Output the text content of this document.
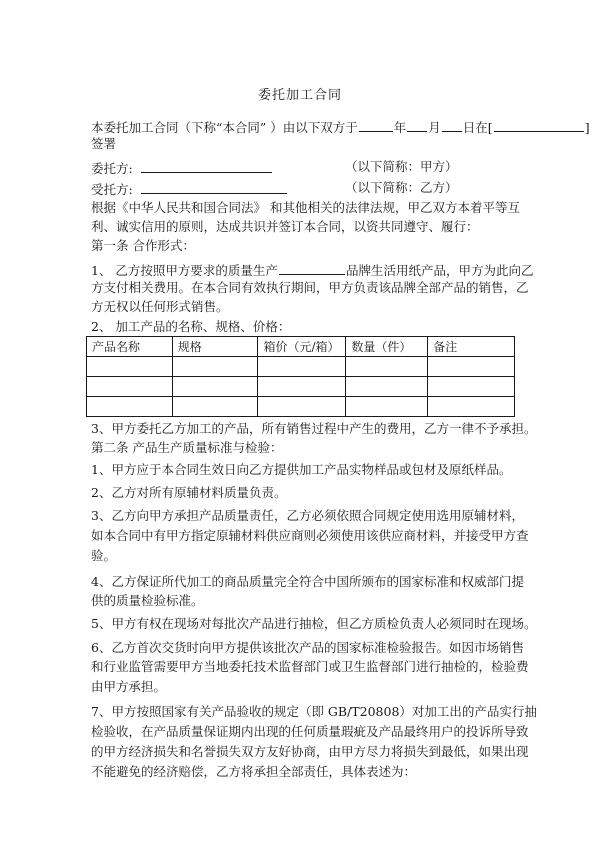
委托加工合同
本委托加工合同（下称“本合同” ）由以下双方于	年 月 日在[	]
签署
委托方:	（以下简称：甲方）
受托方:	（以下简称：乙方）
根据《中华人民共和国合同法》 和其他相关的法律法规，甲乙双方本着平等互
利、诚实信用的原则，达成共识并签订本合同，以资共同遵守、履行：
第一条 合作形式：
1、 乙方按照甲方要求的质量生产	品牌生活用纸产品，甲方为此向乙
方支付相关费用。在本合同有效执行期间，甲方负责该品牌全部产品的销售，乙
方无权以任何形式销售。
2、 加工产品的名称、规格、价格：
产品名称	规格	箱价（元/箱）	数量（件）	备注

3、甲方委托乙方加工的产品，所有销售过程中产生的费用，乙方一律不予承担。
第二条 产品生产质量标准与检验：
1、甲方应于本合同生效日向乙方提供加工产品实物样品或包材及原纸样品。
2、乙方对所有原辅材料质量负责。
3、乙方向甲方承担产品质量责任，乙方必须依照合同规定使用选用原辅材料，
如本合同中有甲方指定原辅材料供应商则必须使用该供应商材料，并接受甲方查
验。
4、乙方保证所代加工的商品质量完全符合中国所颁布的国家标准和权威部门提
供的质量检验标准。
5、甲方有权在现场对每批次产品进行抽检，但乙方质检负责人必须同时在现场。
6、乙方首次交货时向甲方提供该批次产品的国家标准检验报告。如因市场销售
和行业监管需要甲方当地委托技术监督部门或卫生监督部门进行抽检的，检验费
由甲方承担。
7、甲方按照国家有关产品验收的规定（即 GB/T20808）对加工出的产品实行抽
检验收，在产品质量保证期内出现的任何质量瑕疵及产品最终用户的投诉所导致
的甲方经济损失和名誉损失双方友好协商，由甲方尽力将损失到最低，如果出现
不能避免的经济赔偿，乙方将承担全部责任，具体表述为：
